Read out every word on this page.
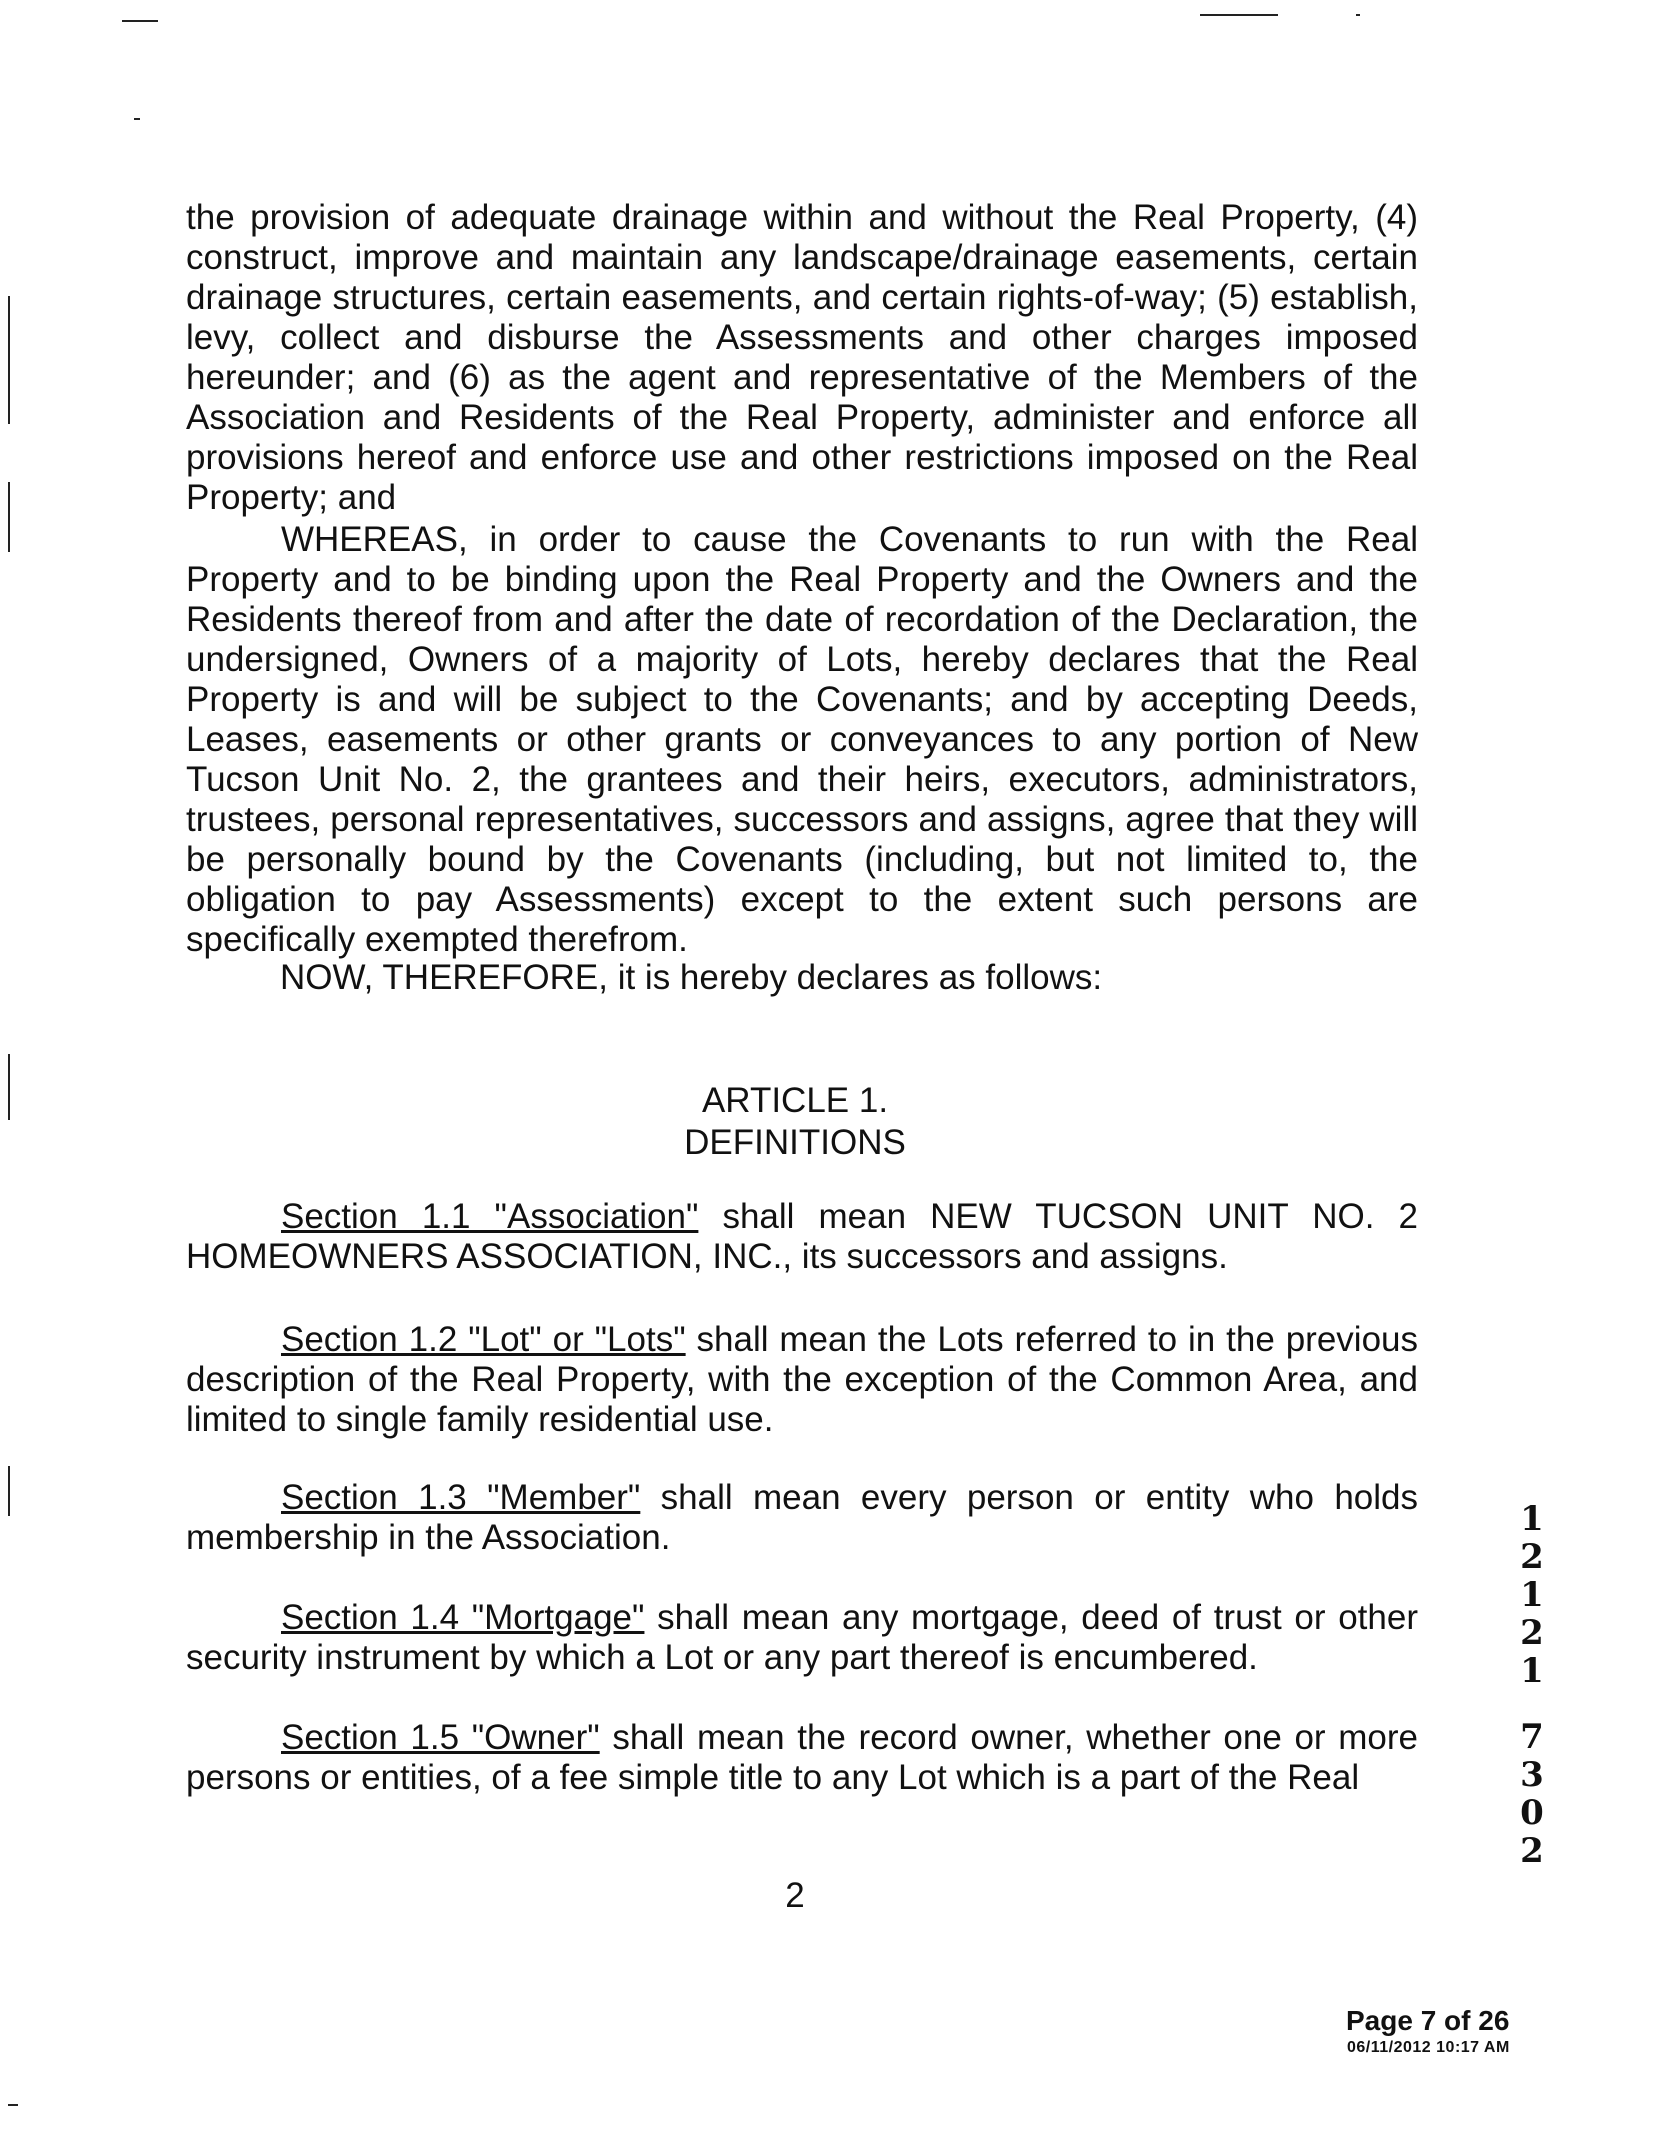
the provision of adequate drainage within and without the Real Property, (4) construct, improve and maintain any landscape/drainage easements, certain drainage structures, certain easements, and certain rights-of-way; (5) establish, levy, collect and disburse the Assessments and other charges imposed hereunder; and (6) as the agent and representative of the Members of the Association and Residents of the Real Property, administer and enforce all provisions hereof and enforce use and other restrictions imposed on the Real Property; and
WHEREAS, in order to cause the Covenants to run with the Real Property and to be binding upon the Real Property and the Owners and the Residents thereof from and after the date of recordation of the Declaration, the undersigned, Owners of a majority of Lots, hereby declares that the Real Property is and will be subject to the Covenants; and by accepting Deeds, Leases, easements or other grants or conveyances to any portion of New Tucson Unit No. 2, the grantees and their heirs, executors, administrators, trustees, personal representatives, successors and assigns, agree that they will be personally bound by the Covenants (including, but not limited to, the obligation to pay Assessments) except to the extent such persons are specifically exempted therefrom.
NOW, THEREFORE, it is hereby declares as follows:
ARTICLE 1.
DEFINITIONS
Section 1.1 "Association" shall mean NEW TUCSON UNIT NO. 2 HOMEOWNERS ASSOCIATION, INC., its successors and assigns.
Section 1.2 "Lot" or "Lots" shall mean the Lots referred to in the previous description of the Real Property, with the exception of the Common Area, and limited to single family residential use.
Section 1.3 "Member" shall mean every person or entity who holds membership in the Association.
Section 1.4 "Mortgage" shall mean any mortgage, deed of trust or other security instrument by which a Lot or any part thereof is encumbered.
Section 1.5 "Owner" shall mean the record owner, whether one or more persons or entities, of a fee simple title to any Lot which is a part of the Real
1
2
1
2
1
7
3
0
2
2
Page 7 of 26
06/11/2012 10:17 AM
